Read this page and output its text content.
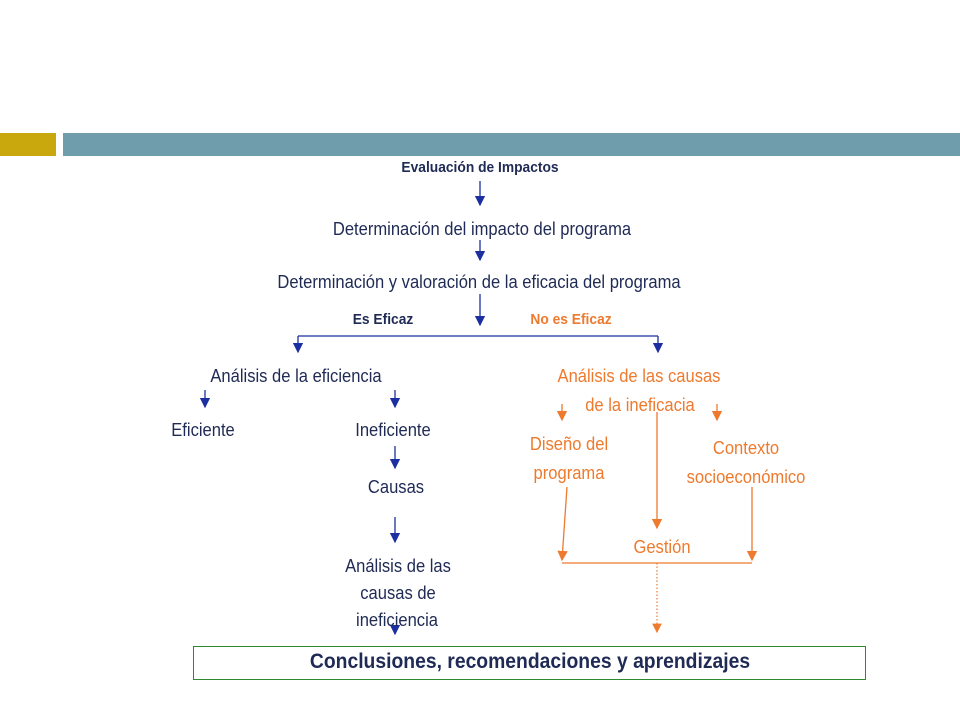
Evaluación de Impactos
Determinación del impacto del programa
Determinación y valoración de la eficacia del programa
Es Eficaz	No es Eficaz
Análisis de la eficiencia
Eficiente	Ineficiente
Causas
Análisis de las
causas de
ineficiencia
Análisis de las causas
de la ineficacia
Diseño del
programa
Contexto
socioeconómico
Gestión
Conclusiones, recomendaciones y aprendizajes
